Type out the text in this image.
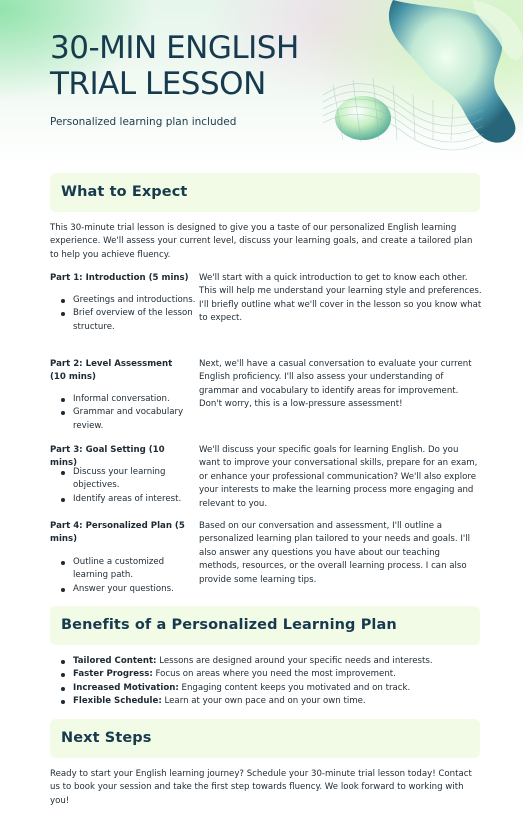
30-MIN ENGLISH TRIAL LESSON

Personalized learning plan included

What to Expect

This 30-minute trial lesson is designed to give you a taste of our personalized English learning experience. We'll assess your current level, discuss your learning goals, and create a tailored plan to help you achieve fluency.

Part 1: Introduction (5 mins)

Greetings and introductions.
Brief overview of the lesson structure.

We'll start with a quick introduction to get to know each other. This will help me understand your learning style and preferences. I'll briefly outline what we'll cover in the lesson so you know what to expect.

Part 2: Level Assessment (10 mins)

Informal conversation.
Grammar and vocabulary review.

Next, we'll have a casual conversation to evaluate your current English proficiency. I'll also assess your understanding of grammar and vocabulary to identify areas for improvement. Don't worry, this is a low-pressure assessment!

Part 3: Goal Setting (10 mins)

Discuss your learning objectives.
Identify areas of interest.

We'll discuss your specific goals for learning English. Do you want to improve your conversational skills, prepare for an exam, or enhance your professional communication? We'll also explore your interests to make the learning process more engaging and relevant to you.

Part 4: Personalized Plan (5 mins)

Outline a customized learning path.
Answer your questions.

Based on our conversation and assessment, I'll outline a personalized learning plan tailored to your needs and goals. I'll also answer any questions you have about our teaching methods, resources, or the overall learning process. I can also provide some learning tips.

Benefits of a Personalized Learning Plan
Tailored Content: Lessons are designed around your specific needs and interests.
Faster Progress: Focus on areas where you need the most improvement.
Increased Motivation: Engaging content keeps you motivated and on track.
Flexible Schedule: Learn at your own pace and on your own time.
Next Steps

Ready to start your English learning journey? Schedule your 30-minute trial lesson today! Contact us to book your session and take the first step towards fluency. We look forward to working with you!
